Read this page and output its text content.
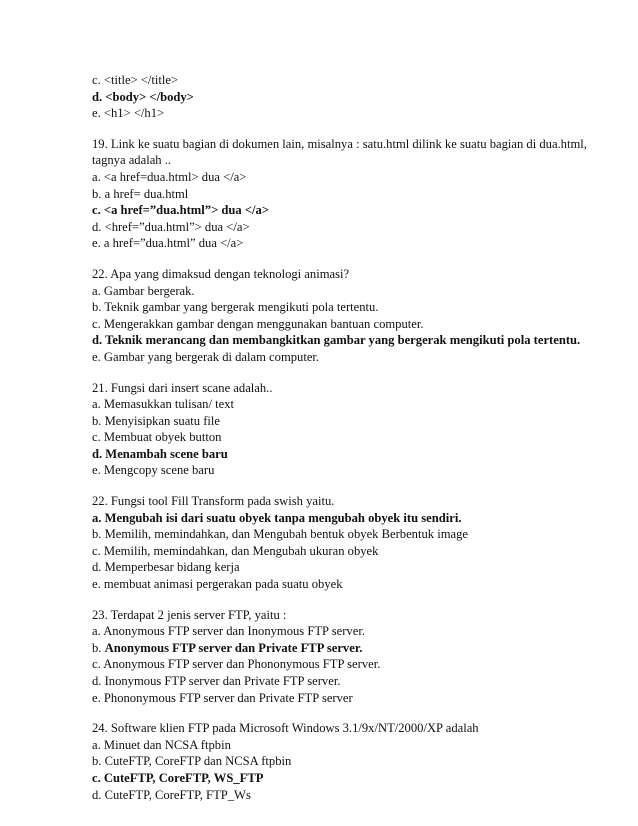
c. <title> </title>
d. <body> </body>
e. <h1> </h1>
19. Link ke suatu bagian di dokumen lain, misalnya : satu.html dilink ke suatu bagian di dua.html, tagnya adalah ..
a. <a href=dua.html> dua </a>
b. a href= dua.html
c. <a href=”dua.html”> dua </a>
d. <href=”dua.html”> dua </a>
e. a href=”dua.html” dua </a>
22. Apa yang dimaksud dengan teknologi animasi?
a. Gambar bergerak.
b. Teknik gambar yang bergerak mengikuti pola tertentu.
c. Mengerakkan gambar dengan menggunakan bantuan computer.
d. Teknik merancang dan membangkitkan gambar yang bergerak mengikuti pola tertentu.
e. Gambar yang bergerak di dalam computer.
21. Fungsi dari insert scane adalah..
a. Memasukkan tulisan/ text
b. Menyisipkan suatu file
c. Membuat obyek button
d. Menambah scene baru
e. Mengcopy scene baru
22. Fungsi tool Fill Transform pada swish yaitu.
a. Mengubah isi dari suatu obyek tanpa mengubah obyek itu sendiri.
b. Memilih, memindahkan, dan Mengubah bentuk obyek Berbentuk image
c. Memilih, memindahkan, dan Mengubah ukuran obyek
d. Memperbesar bidang kerja
e. membuat animasi pergerakan pada suatu obyek
23. Terdapat 2 jenis server FTP, yaitu :
a. Anonymous FTP server dan Inonymous FTP server.
b. Anonymous FTP server dan Private FTP server.
c. Anonymous FTP server dan Phononymous FTP server.
d. Inonymous FTP server dan Private FTP server.
e. Phononymous FTP server dan Private FTP server
24. Software klien FTP pada Microsoft Windows 3.1/9x/NT/2000/XP adalah
a. Minuet dan NCSA ftpbin
b. CuteFTP, CoreFTP dan NCSA ftpbin
c. CuteFTP, CoreFTP, WS_FTP
d. CuteFTP, CoreFTP, FTP_Ws
